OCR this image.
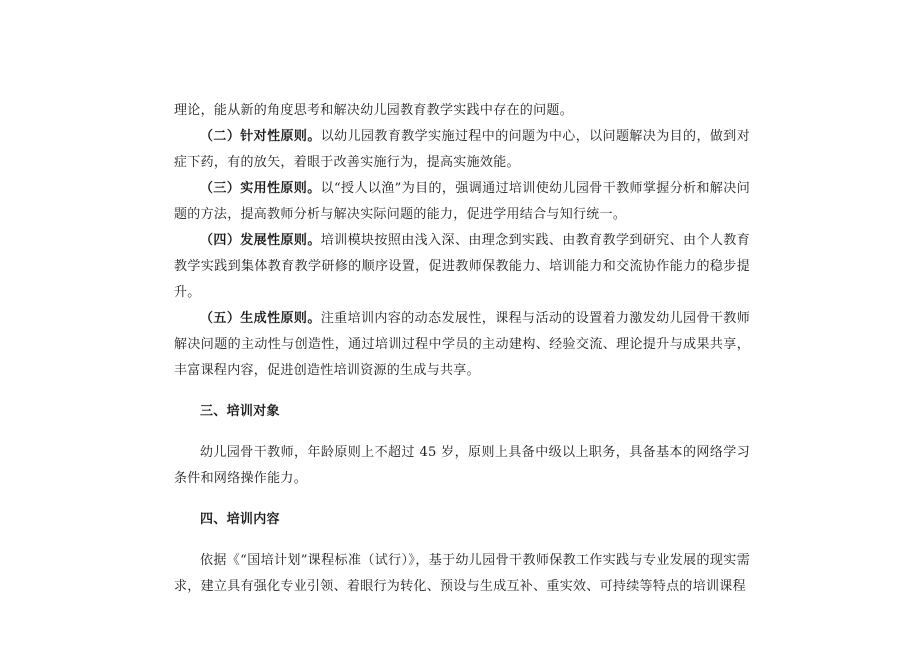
理论，能从新的角度思考和解决幼儿园教育教学实践中存在的问题。

（二）针对性原则。以幼儿园教育教学实施过程中的问题为中心，以问题解决为目的，做到对症下药，有的放矢，着眼于改善实施行为，提高实施效能。

（三）实用性原则。以“授人以渔”为目的，强调通过培训使幼儿园骨干教师掌握分析和解决问题的方法，提高教师分析与解决实际问题的能力，促进学用结合与知行统一。

（四）发展性原则。培训模块按照由浅入深、由理念到实践、由教育教学到研究、由个人教育教学实践到集体教育教学研修的顺序设置，促进教师保教能力、培训能力和交流协作能力的稳步提升。

（五）生成性原则。注重培训内容的动态发展性，课程与活动的设置着力激发幼儿园骨干教师解决问题的主动性与创造性，通过培训过程中学员的主动建构、经验交流、理论提升与成果共享，丰富课程内容，促进创造性培训资源的生成与共享。

三、培训对象

幼儿园骨干教师，年龄原则上不超过 45 岁，原则上具备中级以上职务，具备基本的网络学习条件和网络操作能力。

四、培训内容

依据《“国培计划”课程标准（试行）》，基于幼儿园骨干教师保教工作实践与专业发展的现实需求，建立具有强化专业引领、着眼行为转化、预设与生成互补、重实效、可持续等特点的培训课程
